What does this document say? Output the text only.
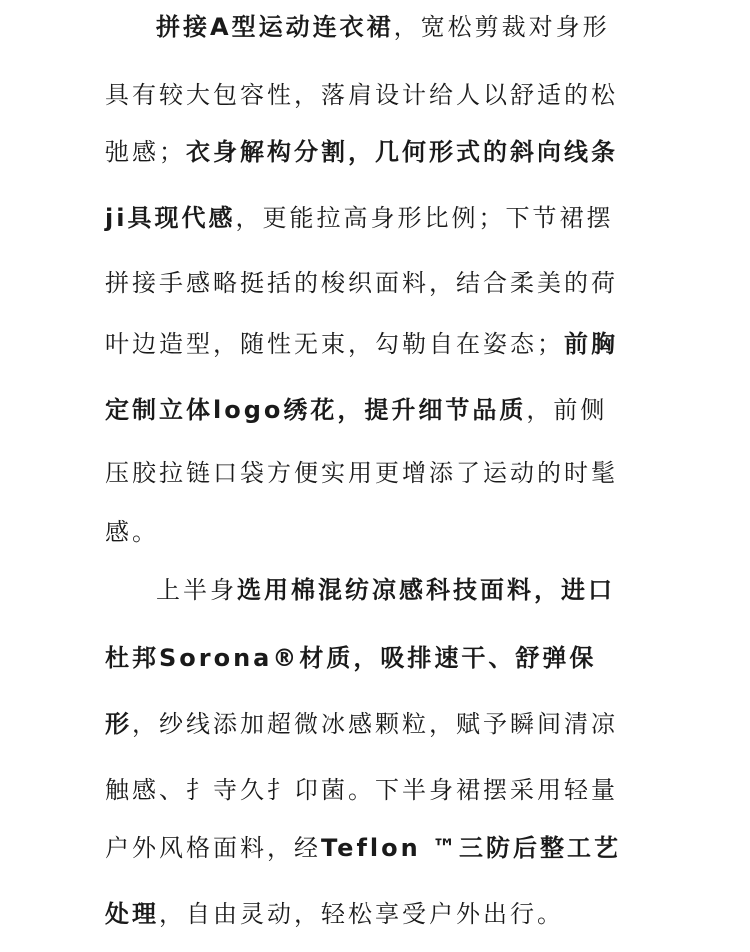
拼接A型运动连衣裙，宽松剪裁对身形
具有较大包容性，落肩设计给人以舒适的松
弛感；衣身解构分割，几何形式的斜向线条
ji具现代感，更能拉高身形比例；下节裙摆
拼接手感略挺括的梭织面料，结合柔美的荷
叶边造型，随性无束，勾勒自在姿态；前胸
定制立体logo绣花，提升细节品质，前侧
压胶拉链口袋方便实用更增添了运动的时髦
感。
上半身选用棉混纺凉感科技面料，进口
杜邦Sorona®材质，吸排速干、舒弹保
形，纱线添加超微冰感颗粒，赋予瞬间清凉
触感、扌寺久扌卬菌。下半身裙摆采用轻量
户外风格面料，经Teflon ™三防后整工艺
处理，自由灵动，轻松享受户外出行。
